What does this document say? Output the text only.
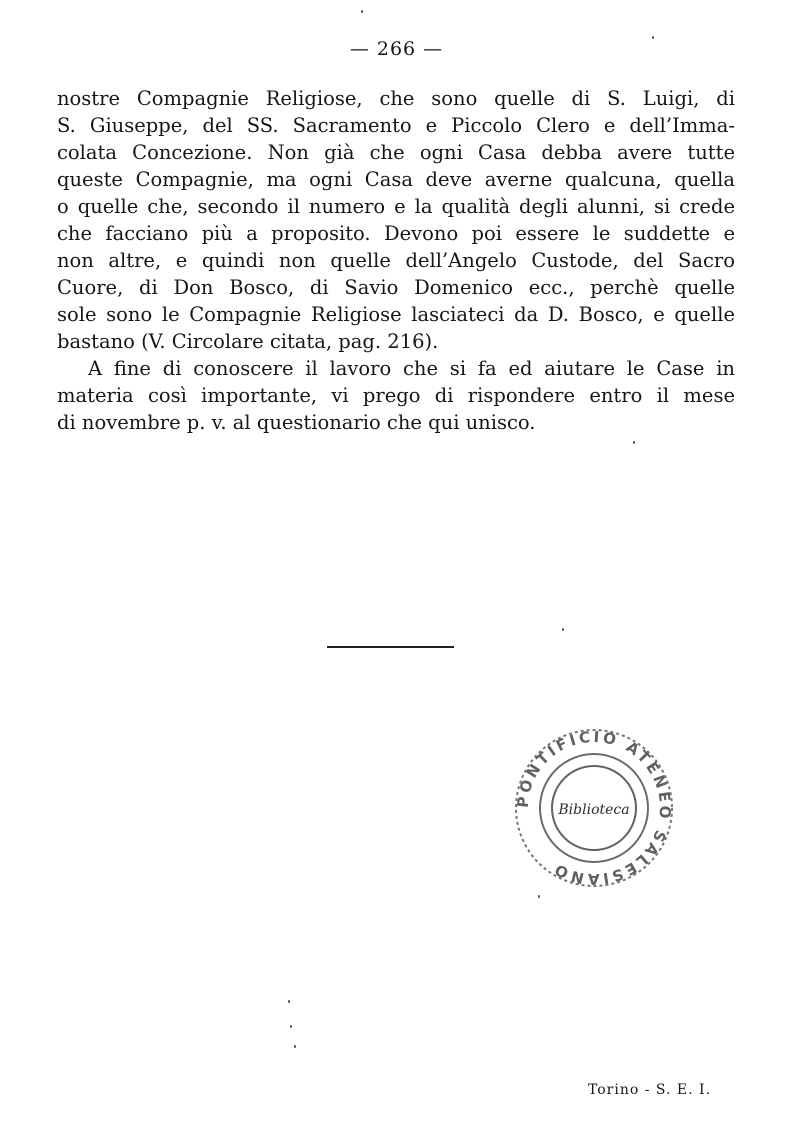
— 266 —
nostre Compagnie Religiose, che sono quelle di S. Luigi, di
S. Giuseppe, del SS. Sacramento e Piccolo Clero e dell’Imma-
colata Concezione. Non già che ogni Casa debba avere tutte
queste Compagnie, ma ogni Casa deve averne qualcuna, quella
o quelle che, secondo il numero e la qualità degli alunni, si crede
che facciano più a proposito. Devono poi essere le suddette e
non altre, e quindi non quelle dell’Angelo Custode, del Sacro
Cuore, di Don Bosco, di Savio Domenico ecc., perchè quelle
sole sono le Compagnie Religiose lasciateci da D. Bosco, e quelle
bastano (V. Circolare citata, pag. 216).
A fine di conoscere il lavoro che si fa ed aiutare le Case in
materia così importante, vi prego di rispondere entro il mese
di novembre p. v. al questionario che qui unisco.
PONTIFICIO ATENEO SALESIANO
Biblioteca
Torino - S. E. I.
